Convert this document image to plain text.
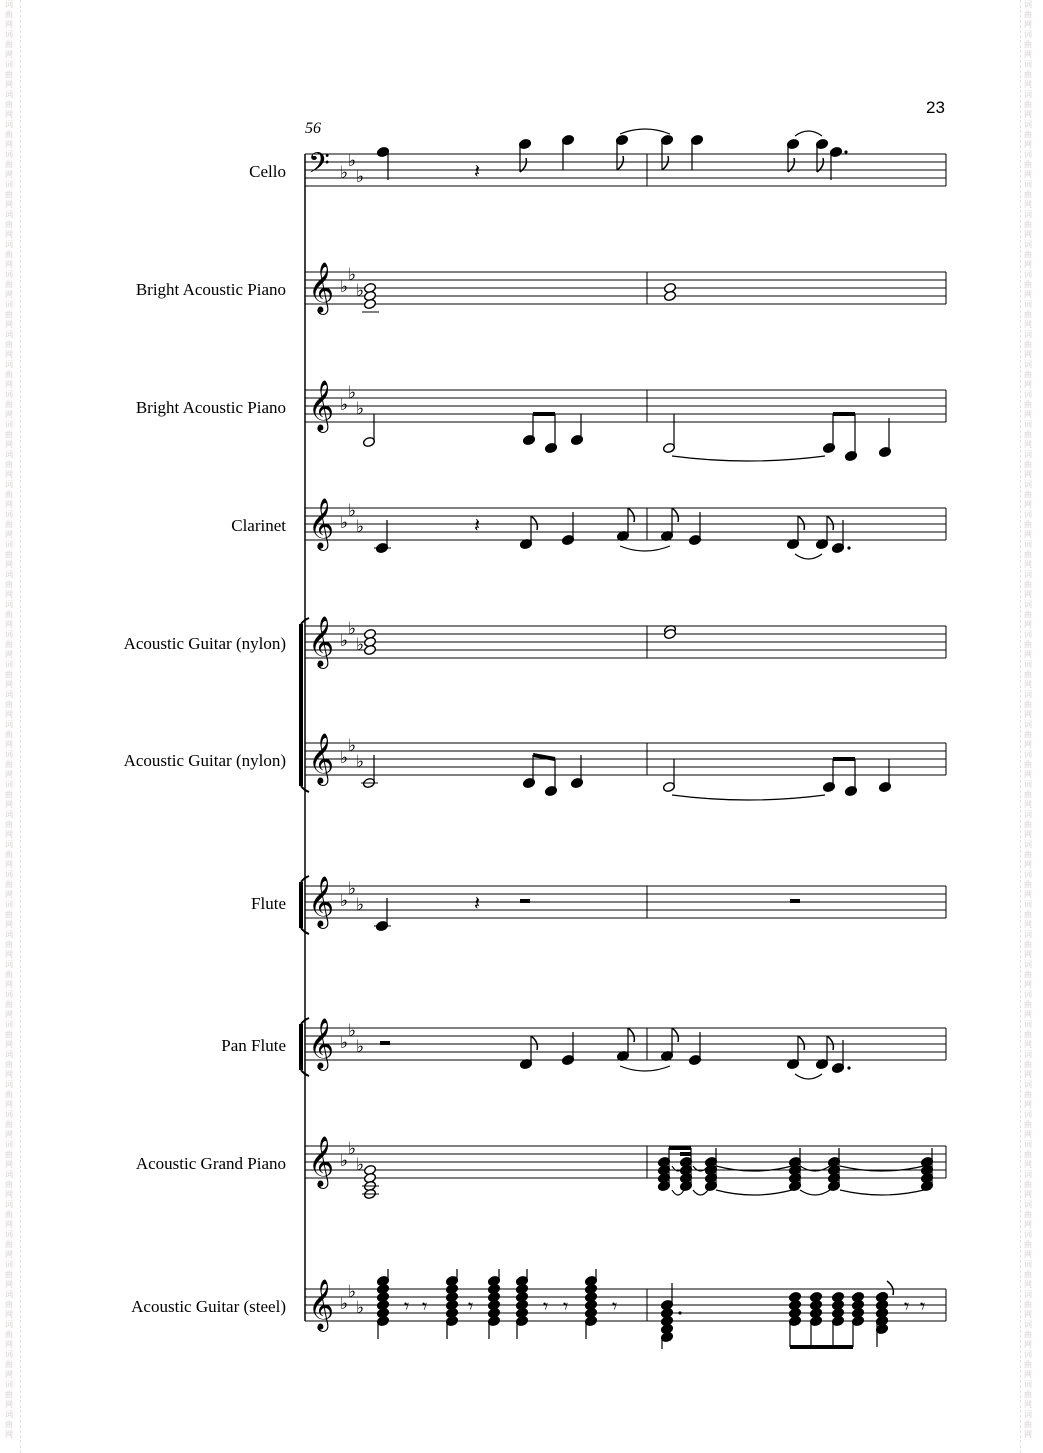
词曲网词曲网词曲网词曲网词曲网词曲网词曲网词曲网词曲网词曲网词曲网词曲网词曲网词曲网词曲网词曲网词曲网词曲网词曲网词曲网词曲网词曲网词曲网词曲网词曲网词曲网词曲网词曲网词曲网词曲网词曲网词曲网词曲网词曲网词曲网词曲网词曲网词曲网词曲网词曲网词曲网词曲网词曲网词曲网词曲网词曲网词曲网词曲网
词曲网词曲网词曲网词曲网词曲网词曲网词曲网词曲网词曲网词曲网词曲网词曲网词曲网词曲网词曲网词曲网词曲网词曲网词曲网词曲网词曲网词曲网词曲网词曲网词曲网词曲网词曲网词曲网词曲网词曲网词曲网词曲网词曲网词曲网词曲网词曲网词曲网词曲网词曲网词曲网词曲网词曲网词曲网词曲网词曲网词曲网词曲网词曲网
23
56
Cello
Bright Acoustic Piano
Bright Acoustic Piano
Clarinet
Acoustic Guitar (nylon)
Acoustic Guitar (nylon)
Flute
Pan Flute
Acoustic Grand Piano
Acoustic Guitar (steel)
𝄢 ♭
♭
♭
𝄞 ♭
♭
♭
𝄞 ♭
♭
♭
𝄞 ♭
♭
♭
𝄞 ♭
♭
♭
𝄞 ♭
♭
♭
𝄞 ♭
♭
♭
𝄞 ♭
♭
♭
𝄞 ♭
♭
♭
𝄞 ♭
♭
♭
𝄽
𝄽
𝄽
𝄾 𝄾 𝄾	𝄾 𝄾 𝄾	𝄾 𝄾
